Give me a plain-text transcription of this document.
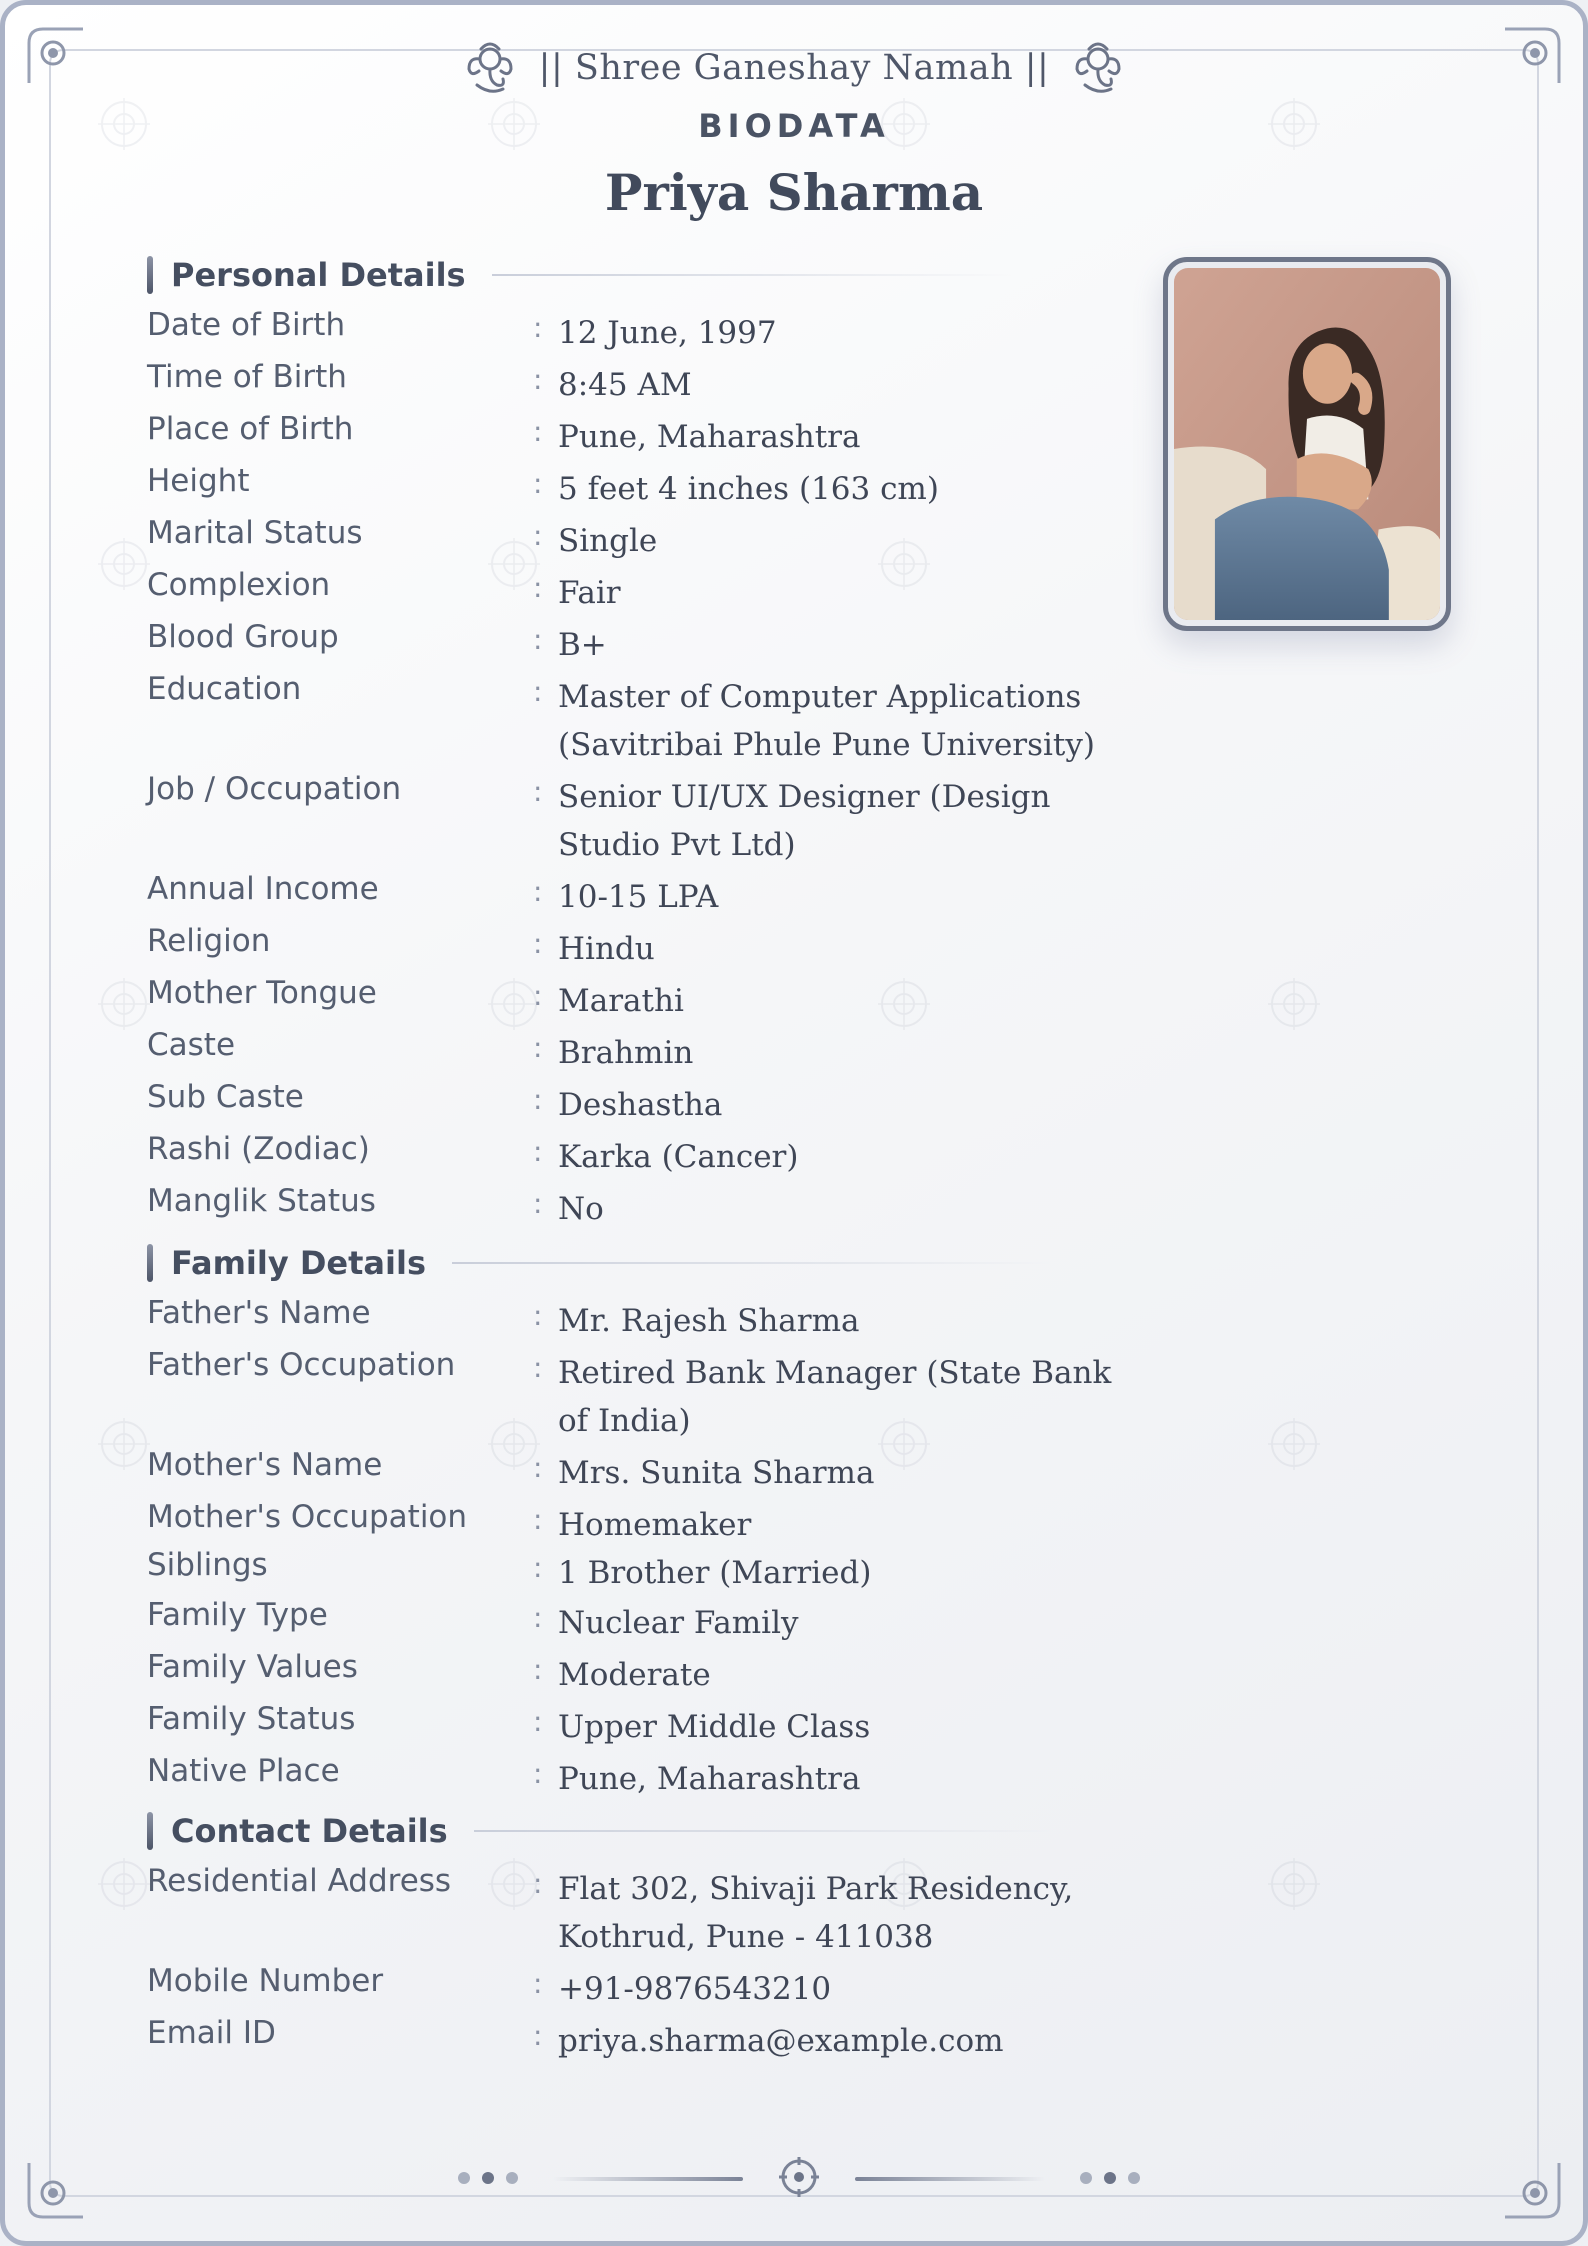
|| Shree Ganeshay Namah ||
BIODATA
Priya Sharma
Personal Details
Family Details
Contact Details
Date of Birth	: 12 June, 1997
Time of Birth	: 8:45 AM
Place of Birth	: Pune, Maharashtra
Height	: 5 feet 4 inches (163 cm)
Marital Status	: Single
Complexion	: Fair
Blood Group	: B+
Education	: Master of Computer Applications (Savitribai Phule Pune University)
Job / Occupation	: Senior UI/UX Designer (Design Studio Pvt Ltd)
Annual Income	: 10-15 LPA
Religion	: Hindu
Mother Tongue	: Marathi
Caste	: Brahmin
Sub Caste	: Deshastha
Rashi (Zodiac)	: Karka (Cancer)
Manglik Status	: No
Father's Name	: Mr. Rajesh Sharma
Father's Occupation	: Retired Bank Manager (State Bank of India)
Mother's Name	: Mrs. Sunita Sharma
Mother's Occupation : Homemaker
Siblings	: 1 Brother (Married)
Family Type	: Nuclear Family
Family Values	: Moderate
Family Status	: Upper Middle Class
Native Place	: Pune, Maharashtra
Residential Address	: Flat 302, Shivaji Park Residency, Kothrud, Pune - 411038
Mobile Number	: +91-9876543210
Email ID	: priya.sharma@example.com
